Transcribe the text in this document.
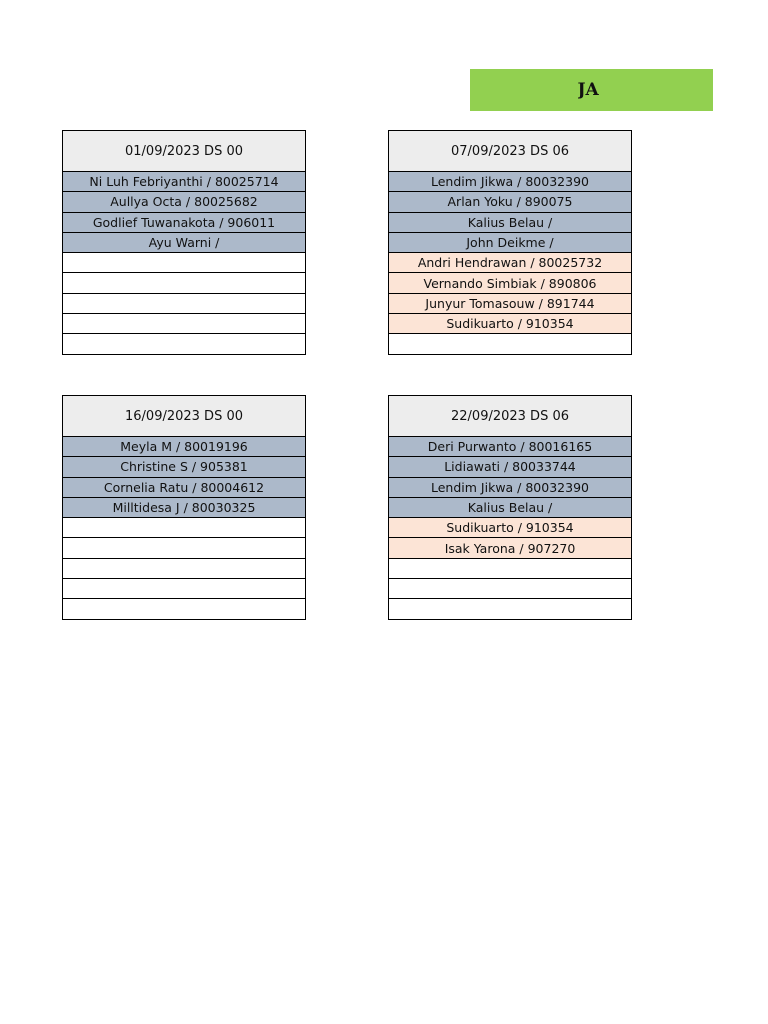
JA
01/09/2023 DS 00
Ni Luh Febriyanthi / 80025714
Aullya Octa / 80025682
Godlief Tuwanakota / 906011
Ayu Warni /

07/09/2023 DS 06
Lendim Jikwa / 80032390
Arlan Yoku / 890075
Kalius Belau /
John Deikme /
Andri Hendrawan / 80025732
Vernando Simbiak / 890806
Junyur Tomasouw / 891744
Sudikuarto / 910354

16/09/2023 DS 00
Meyla M / 80019196
Christine S / 905381
Cornelia Ratu / 80004612
Milltidesa J / 80030325

22/09/2023 DS 06
Deri Purwanto / 80016165
Lidiawati / 80033744
Lendim Jikwa / 80032390
Kalius Belau /
Sudikuarto / 910354
Isak Yarona / 907270
